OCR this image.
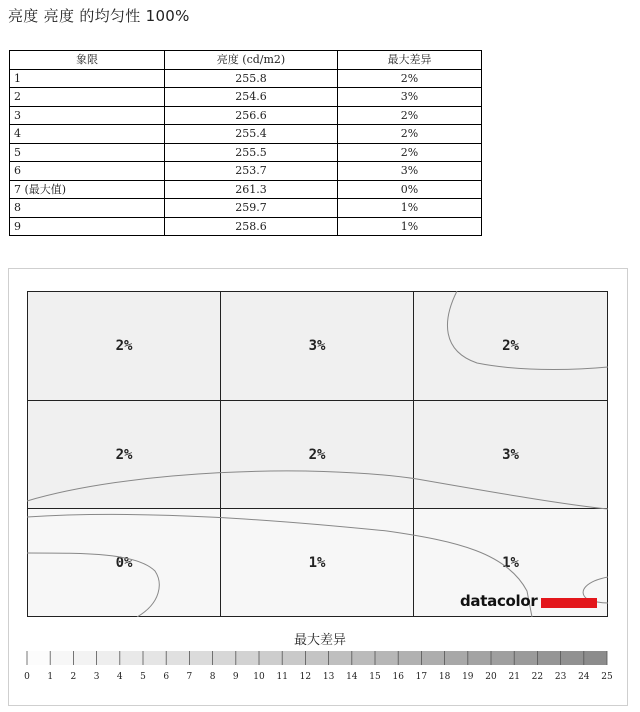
亮度 亮度 的均匀性 100%
象限	亮度 (cd/m2)	最大差异
1	255.8	2%
2	254.6	3%
3	256.6	2%
4	255.4	2%
5	255.5	2%
6	253.7	3%
7 (最大值)	261.3	0%
8	259.7	1%
9	258.6	1%
2%	3%	2%
2%	2%	3%
0%	1%	1%
datacolor
最大差异
0 1 2 3 4 5 6 7 8 9 10 11 12 13 14 15 16 17 18 19 20 21 22 23 24 25
